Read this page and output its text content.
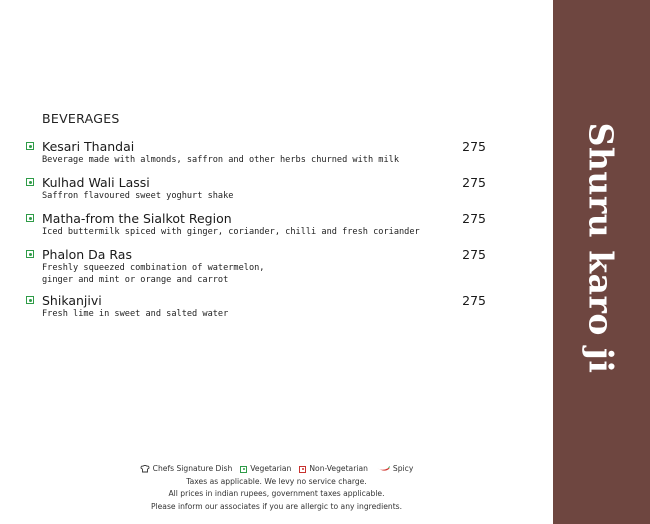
BEVERAGES
Kesari Thandai	275
Beverage made with almonds, saffron and other herbs churned with milk
Kulhad Wali Lassi	275
Saffron flavoured sweet yoghurt shake
Matha-from the Sialkot Region	275
Iced buttermilk spiced with ginger, coriander, chilli and fresh coriander
Phalon Da Ras	275
Freshly squeezed combination of watermelon,
ginger and mint or orange and carrot
Shikanjivi	275
Fresh lime in sweet and salted water
Chefs Signature Dish Vegetarian Non-Vegetarian	Spicy
Taxes as applicable. We levy no service charge.
All prices in indian rupees, government taxes applicable.
Please inform our associates if you are allergic to any ingredients.
Shuru karo ji
